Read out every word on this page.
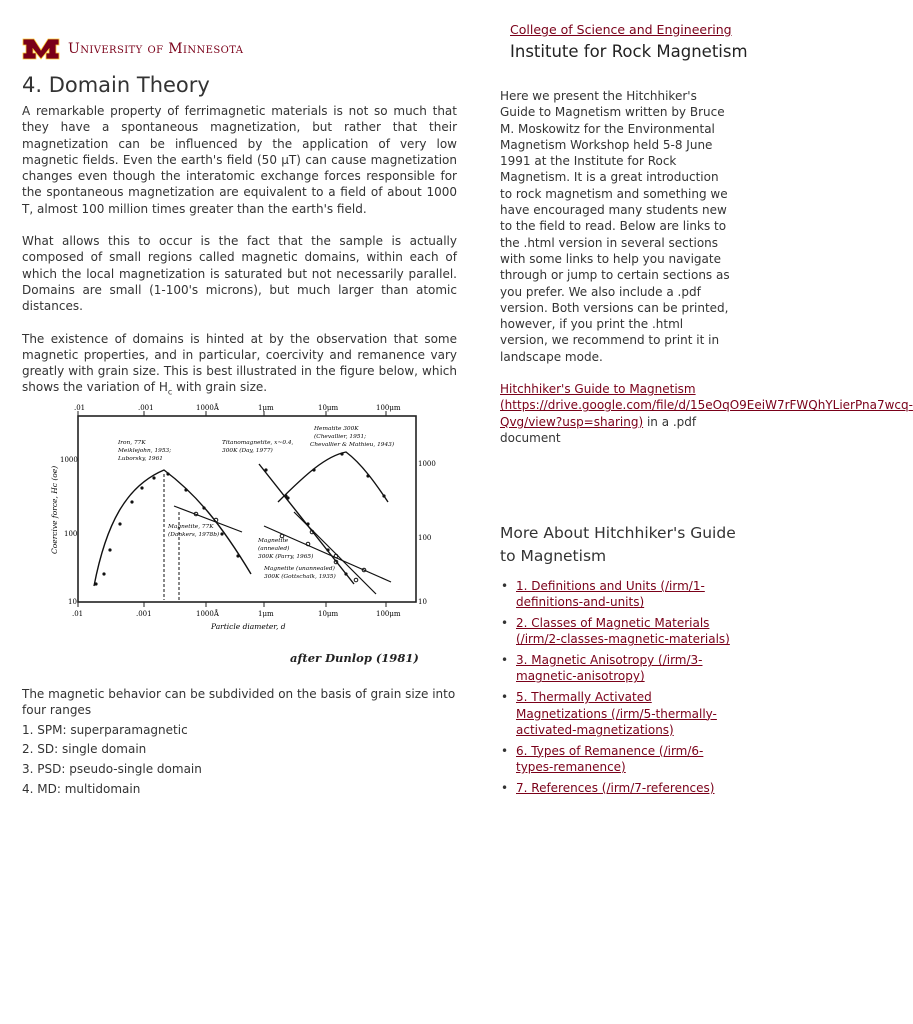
University of Minnesota
College of Science and Engineering
Institute for Rock Magnetism
4. Domain Theory

A remarkable property of ferrimagnetic materials is not so much that they have a spontaneous magnetization, but rather that their magnetization can be influenced by the application of very low magnetic fields. Even the earth's field (50 μT) can cause magnetization changes even though the interatomic exchange forces responsible for the spontaneous magnetization are equivalent to a field of about 1000 T, almost 100 million times greater than the earth's field.

What allows this to occur is the fact that the sample is actually composed of small regions called magnetic domains, within each of which the local magnetization is saturated but not necessarily parallel. Domains are small (1-100's microns), but much larger than atomic distances.

The existence of domains is hinted at by the observation that some magnetic properties, and in particular, coercivity and remanence vary greatly with grain size. This is best illustrated in the figure below, which shows the variation of $H_c$ with grain size.

.01	.001	1000Å	1μm	10μm	100μm
.01	.001	1000Å	1μm	10μm	100μm
1000
100
10
1000
100
10
Coercive force, Hc (oe)
Particle diameter, d
Iron, 77K
Meiklejohn, 1953;
Luborsky, 1961
Titanomagnetite, x~0.4,
300K (Day, 1977)
Hematite 300K
(Chevallier, 1951;
Chevallier & Mathieu, 1943)
Magnetite, 77K
(Dankers, 1978b)
Magnetite
(annealed)
300K (Parry, 1965)
Magnetite (unannealed)
300K (Gottschalk, 1935)
after Dunlop (1981)
The magnetic behavior can be subdivided on the basis of grain size into four ranges
1. SPM: superparamagnetic
2. SD: single domain
3. PSD: pseudo-single domain
4. MD: multidomain

Here we present the Hitchhiker's Guide to Magnetism written by Bruce M. Moskowitz for the Environmental Magnetism Workshop held 5-8 June 1991 at the Institute for Rock Magnetism. It is a great introduction to rock magnetism and something we have encouraged many students new to the field to read. Below are links to the .html version in several sections with some links to help you navigate through or jump to certain sections as you prefer. We also include a .pdf version. Both versions can be printed, however, if you print the .html version, we recommend to print it in landscape mode.

Hitchhiker's Guide to Magnetism (https://drive.google.com/file/d/15eOqO9EeiW7rFWQhYLierPna7wcq-Qvg/view?usp=sharing) in a .pdf document

More About Hitchhiker's Guide to Magnetism
• 1. Definitions and Units (/irm/1-definitions-and-units)
• 2. Classes of Magnetic Materials (/irm/2-classes-magnetic-materials)
• 3. Magnetic Anisotropy (/irm/3-magnetic-anisotropy)
• 5. Thermally Activated Magnetizations (/irm/5-thermally-activated-magnetizations)
• 6. Types of Remanence (/irm/6-types-remanence)
• 7. References (/irm/7-references)
